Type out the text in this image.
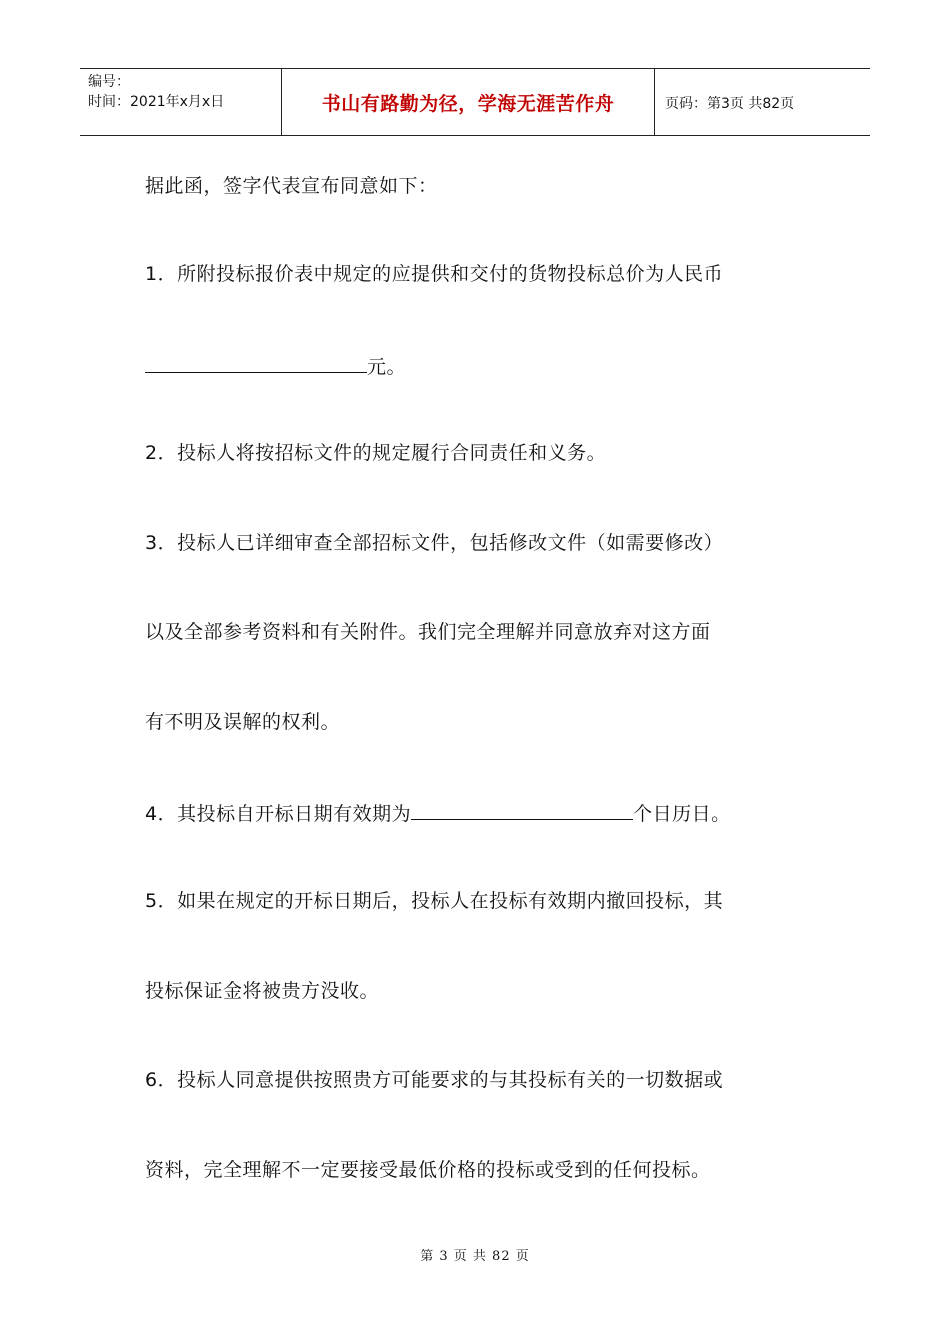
编号：
时间：2021年x月x日	书山有路勤为径，学海无涯苦作舟	页码：第3页 共82页
据此函，签字代表宣布同意如下：
1．所附投标报价表中规定的应提供和交付的货物投标总价为人民币
元。
2．投标人将按招标文件的规定履行合同责任和义务。
3．投标人已详细审查全部招标文件，包括修改文件（如需要修改）
以及全部参考资料和有关附件。我们完全理解并同意放弃对这方面
有不明及误解的权利。
4．其投标自开标日期有效期为	个日历日。
5．如果在规定的开标日期后，投标人在投标有效期内撤回投标，其
投标保证金将被贵方没收。
6．投标人同意提供按照贵方可能要求的与其投标有关的一切数据或
资料，完全理解不一定要接受最低价格的投标或受到的任何投标。
第 3 页 共 82 页
